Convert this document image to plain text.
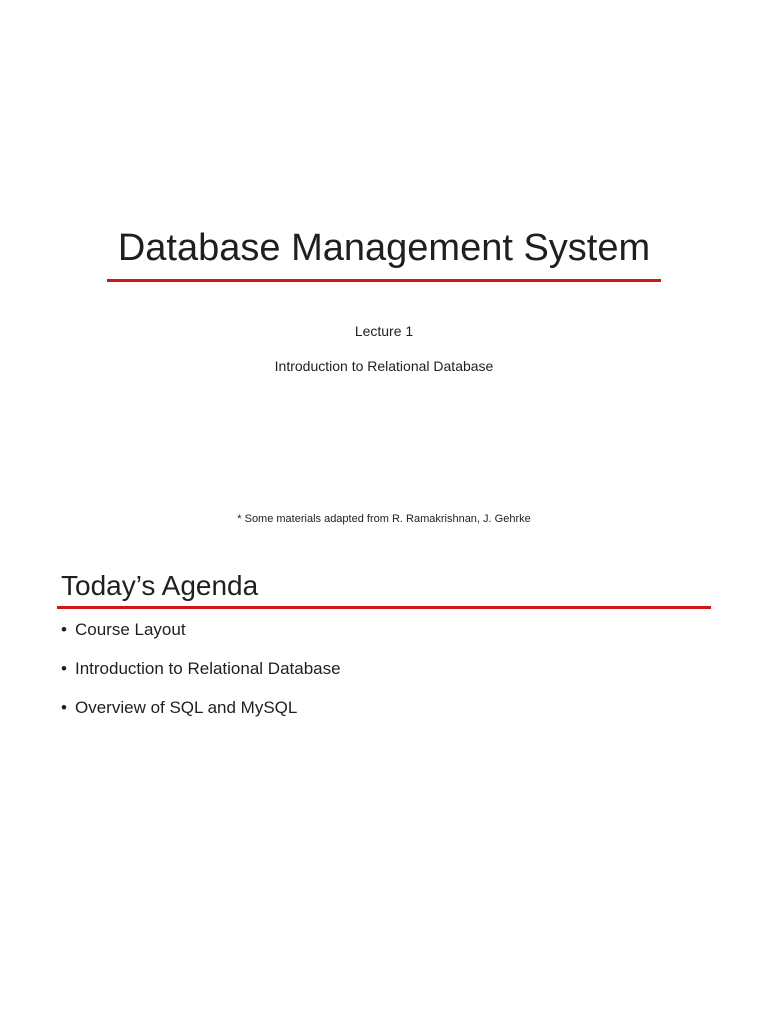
Database Management System

Lecture 1

Introduction to Relational Database

* Some materials adapted from R. Ramakrishnan, J. Gehrke

Today’s Agenda
• Course Layout
• Introduction to Relational Database
• Overview of SQL and MySQL
